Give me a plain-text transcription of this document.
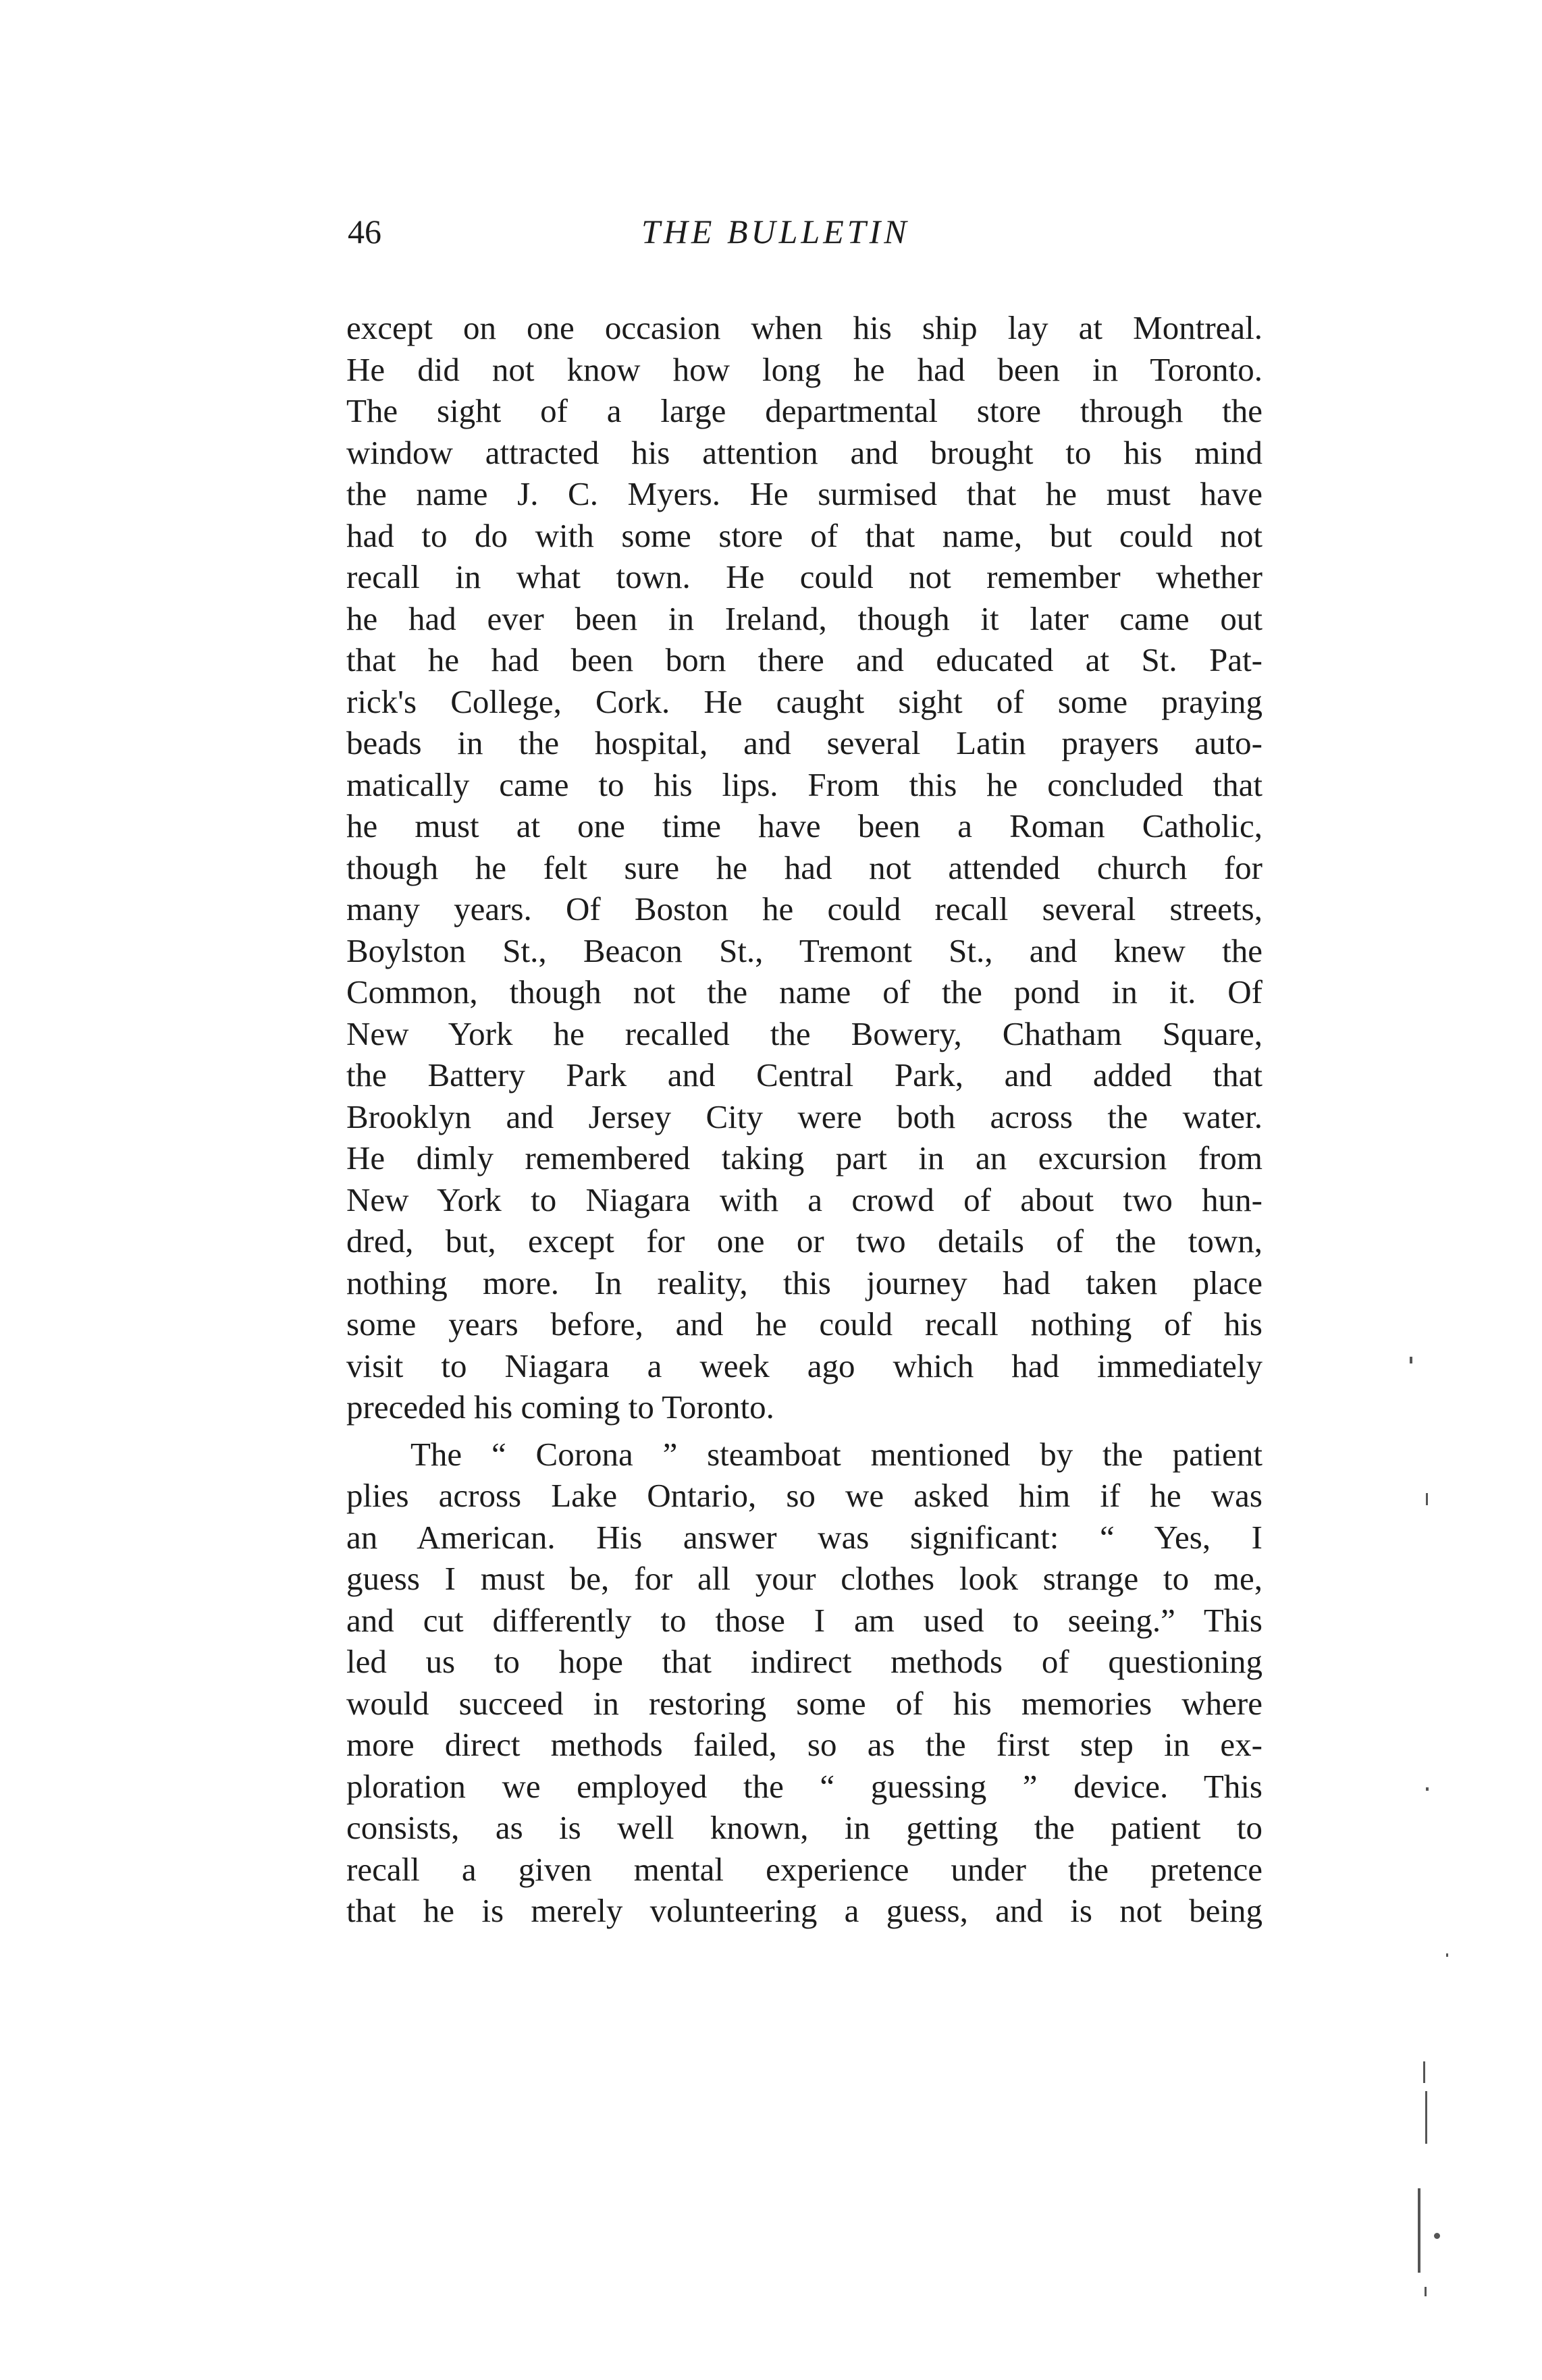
46	THE BULLETIN
except on one occasion when his ship lay at Montreal.
He did not know how long he had been in Toronto.
The sight of a large departmental store through the
window attracted his attention and brought to his mind
the name J. C. Myers. He surmised that he must have
had to do with some store of that name, but could not
recall in what town. He could not remember whether
he had ever been in Ireland, though it later came out
that he had been born there and educated at St. Pat-
rick's College, Cork. He caught sight of some praying
beads in the hospital, and several Latin prayers auto-
matically came to his lips. From this he concluded that
he must at one time have been a Roman Catholic,
though he felt sure he had not attended church for
many years. Of Boston he could recall several streets,
Boylston St., Beacon St., Tremont St., and knew the
Common, though not the name of the pond in it. Of
New York he recalled the Bowery, Chatham Square,
the Battery Park and Central Park, and added that
Brooklyn and Jersey City were both across the water.
He dimly remembered taking part in an excursion from
New York to Niagara with a crowd of about two hun-
dred, but, except for one or two details of the town,
nothing more. In reality, this journey had taken place
some years before, and he could recall nothing of his
visit to Niagara a week ago which had immediately
preceded his coming to Toronto.
The “ Corona ” steamboat mentioned by the patient
plies across Lake Ontario, so we asked him if he was
an American. His answer was significant: “ Yes, I
guess I must be, for all your clothes look strange to me,
and cut differently to those I am used to seeing.” This
led us to hope that indirect methods of questioning
would succeed in restoring some of his memories where
more direct methods failed, so as the first step in ex-
ploration we employed the “ guessing ” device. This
consists, as is well known, in getting the patient to
recall a given mental experience under the pretence
that he is merely volunteering a guess, and is not being
